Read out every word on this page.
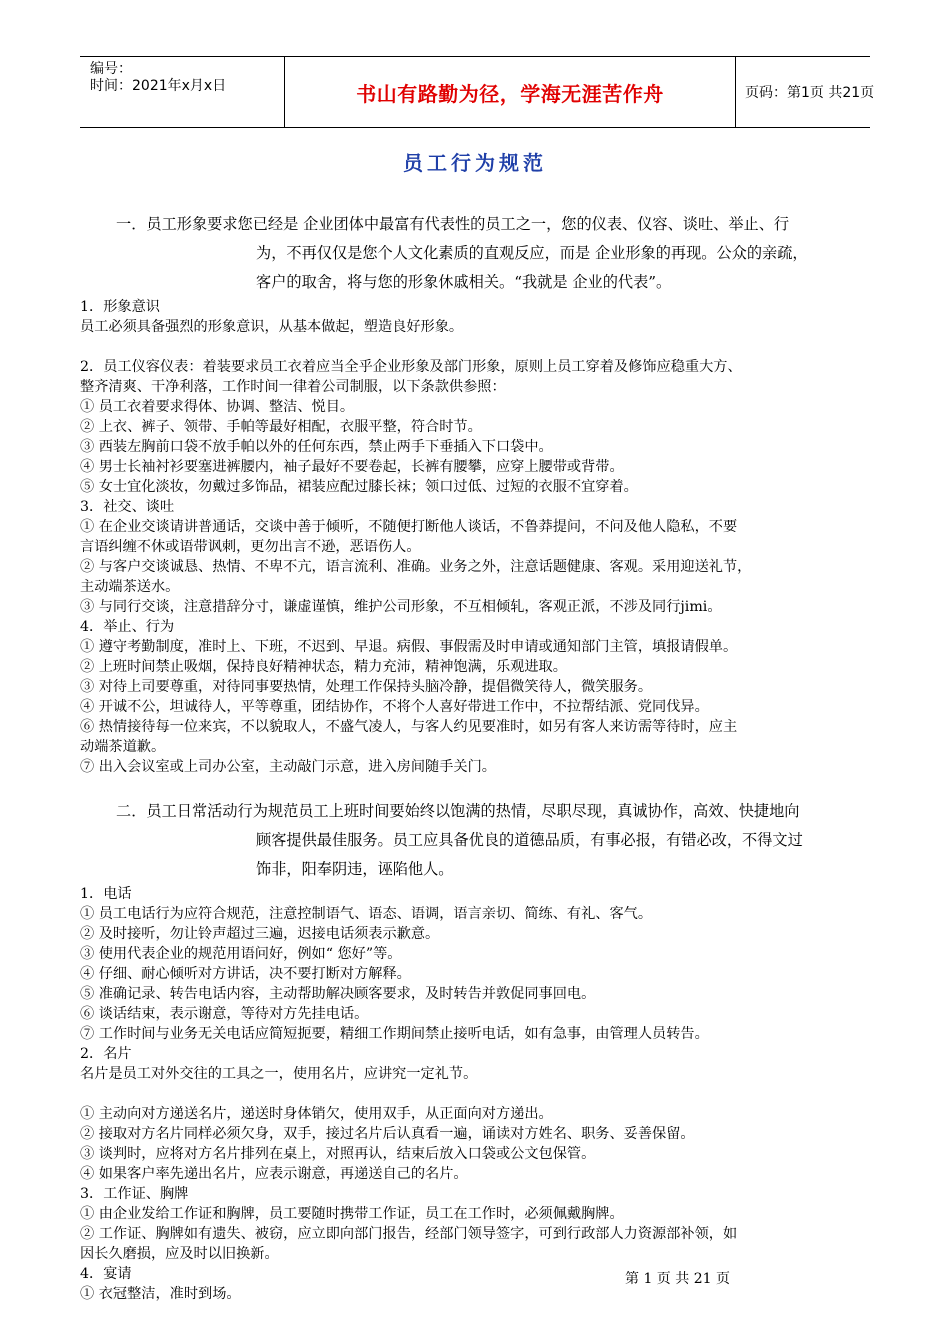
编号：
时间：2021年x月x日	书山有路勤为径，学海无涯苦作舟	页码：第1页 共21页
员工行为规范
一．员工形象要求您已经是 企业团体中最富有代表性的员工之一，您的仪表、仪容、谈吐、举止、行
为，不再仅仅是您个人文化素质的直观反应，而是 企业形象的再现。公众的亲疏，
客户的取舍，将与您的形象休戚相关。“我就是 企业的代表”。
1．形象意识
员工必须具备强烈的形象意识，从基本做起，塑造良好形象。
2．员工仪容仪表：着装要求员工衣着应当全乎企业形象及部门形象，原则上员工穿着及修饰应稳重大方、
整齐清爽、干净利落，工作时间一律着公司制服，以下条款供参照：
① 员工衣着要求得体、协调、整洁、悦目。
② 上衣、裤子、领带、手帕等最好相配，衣服平整，符合时节。
③ 西装左胸前口袋不放手帕以外的任何东西，禁止两手下垂插入下口袋中。
④ 男士长袖衬衫要塞进裤腰内，袖子最好不要卷起，长裤有腰攀，应穿上腰带或背带。
⑤ 女士宜化淡妆，勿戴过多饰品，裙装应配过膝长袜；领口过低、过短的衣服不宜穿着。
3．社交、谈吐
① 在企业交谈请讲普通话，交谈中善于倾听，不随便打断他人谈话，不鲁莽提问，不问及他人隐私，不要
言语纠缠不休或语带讽刺，更勿出言不逊，恶语伤人。
② 与客户交谈诚恳、热情、不卑不亢，语言流利、准确。业务之外，注意话题健康、客观。采用迎送礼节，
主动端茶送水。
③ 与同行交谈，注意措辞分寸，谦虚谨慎，维护公司形象，不互相倾轧，客观正派，不涉及同行jimi。
4．举止、行为
① 遵守考勤制度，准时上、下班，不迟到、早退。病假、事假需及时申请或通知部门主管，填报请假单。
② 上班时间禁止吸烟，保持良好精神状态，精力充沛，精神饱满，乐观进取。
③ 对待上司要尊重，对待同事要热情，处理工作保持头脑冷静，提倡微笑待人，微笑服务。
④ 开诚不公，坦诚待人，平等尊重，团结协作，不将个人喜好带进工作中，不拉帮结派、党同伐异。
⑥ 热情接待每一位来宾，不以貌取人，不盛气凌人，与客人约见要准时，如另有客人来访需等待时，应主
动端茶道歉。
⑦ 出入会议室或上司办公室，主动敲门示意，进入房间随手关门。
二．员工日常活动行为规范员工上班时间要始终以饱满的热情，尽职尽现，真诚协作，高效、快捷地向
顾客提供最佳服务。员工应具备优良的道德品质，有事必报，有错必改，不得文过
饰非，阳奉阴违，诬陷他人。
1．电话
① 员工电话行为应符合规范，注意控制语气、语态、语调，语言亲切、简练、有礼、客气。
② 及时接听，勿让铃声超过三遍，迟接电话须表示歉意。
③ 使用代表企业的规范用语问好，例如“ 您好”等。
④ 仔细、耐心倾听对方讲话，决不要打断对方解释。
⑤ 准确记录、转告电话内容，主动帮助解决顾客要求，及时转告并敦促同事回电。
⑥ 谈话结束，表示谢意，等待对方先挂电话。
⑦ 工作时间与业务无关电话应简短扼要，精细工作期间禁止接听电话，如有急事，由管理人员转告。
2．名片
名片是员工对外交往的工具之一，使用名片，应讲究一定礼节。
① 主动向对方递送名片，递送时身体销欠，使用双手，从正面向对方递出。
② 接取对方名片同样必须欠身，双手，接过名片后认真看一遍，诵读对方姓名、职务、妥善保留。
③ 谈判时，应将对方名片排列在桌上，对照再认，结束后放入口袋或公文包保管。
④ 如果客户率先递出名片，应表示谢意，再递送自己的名片。
3．工作证、胸牌
① 由企业发给工作证和胸牌，员工要随时携带工作证，员工在工作时，必须佩戴胸牌。
② 工作证、胸牌如有遗失、被窃，应立即向部门报告，经部门领导签字，可到行政部人力资源部补领，如
因长久磨损，应及时以旧换新。
4．宴请
① 衣冠整洁，准时到场。
第 1 页 共 21 页
